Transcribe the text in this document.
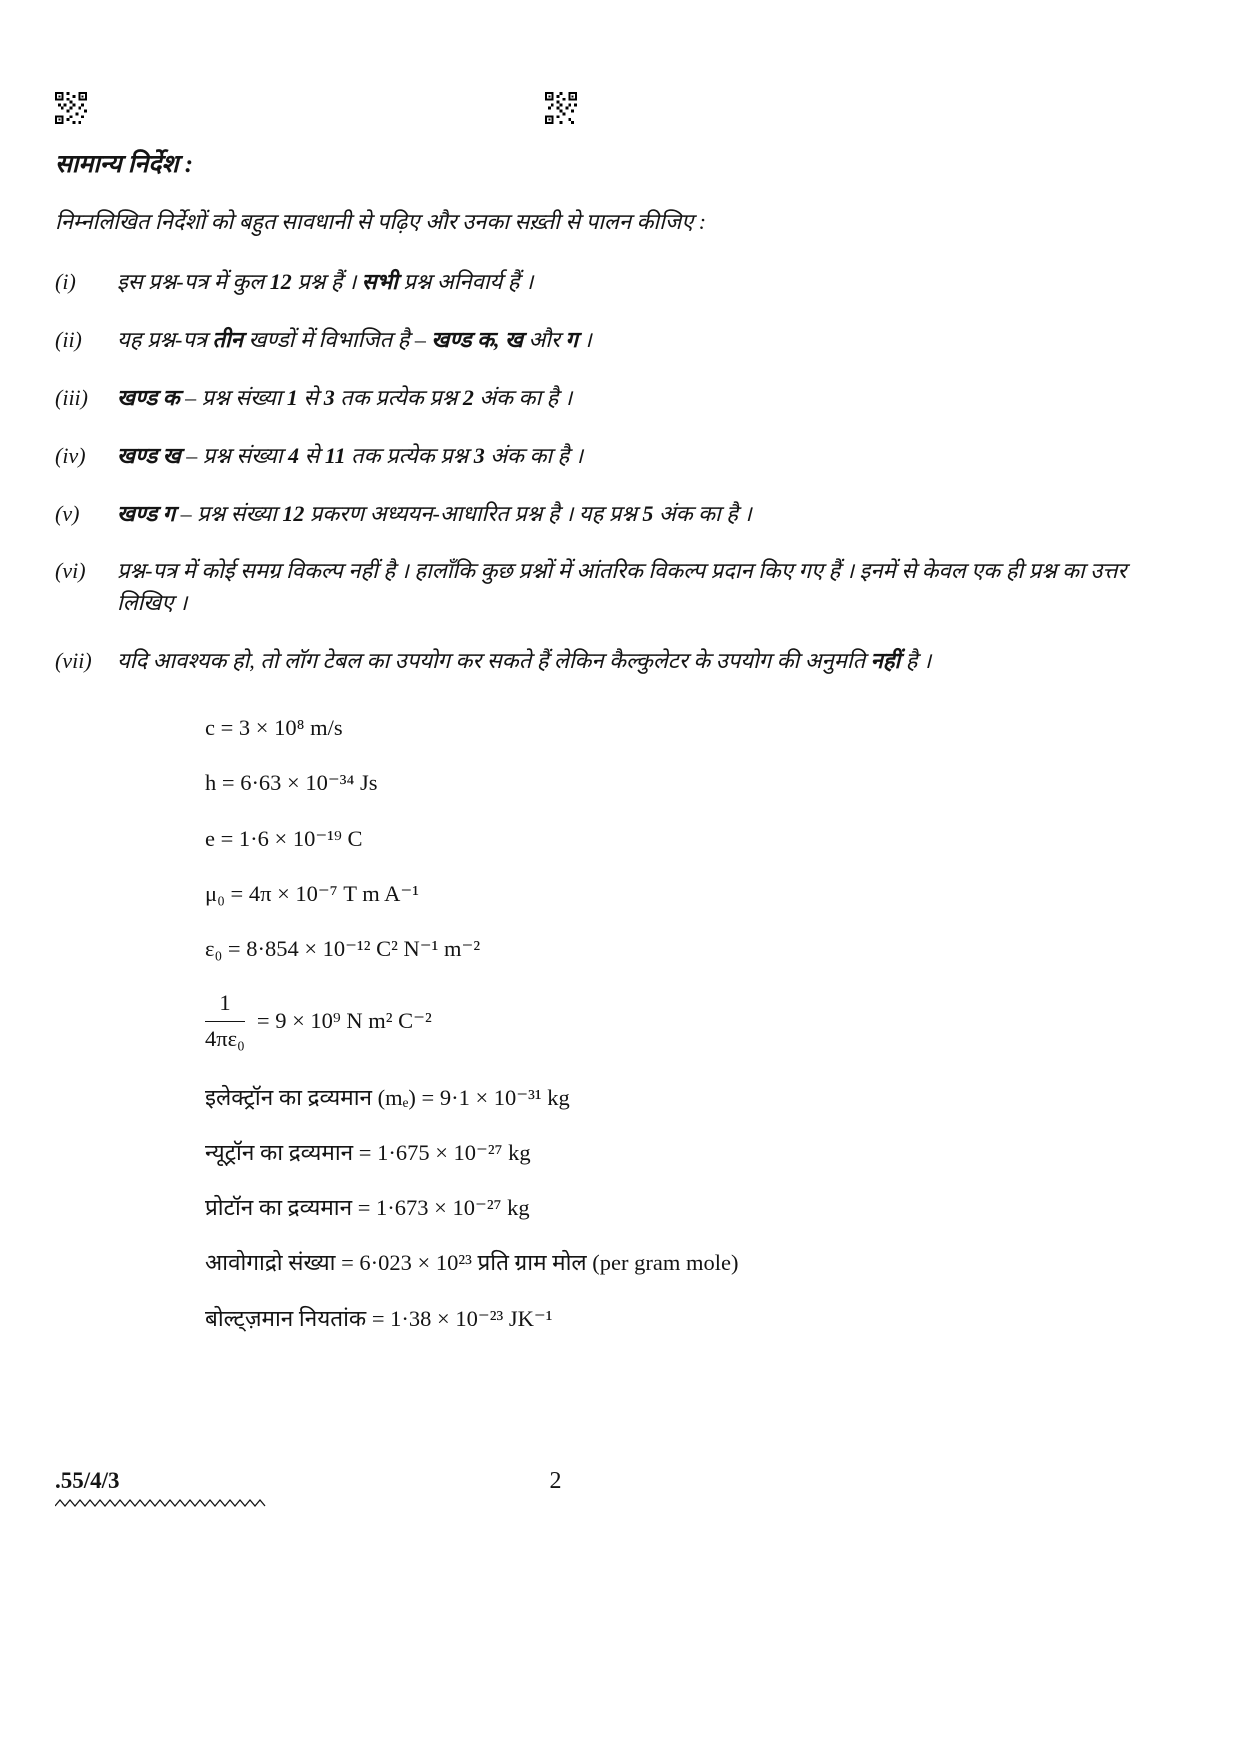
सामान्य निर्देश :
निम्नलिखित निर्देशों को बहुत सावधानी से पढ़िए और उनका सख़्ती से पालन कीजिए :
(i)	इस प्रश्न-पत्र में कुल 12 प्रश्न हैं । सभी प्रश्न अनिवार्य हैं ।
(ii)	यह प्रश्न-पत्र तीन खण्डों में विभाजित है – खण्ड क, ख और ग ।
(iii)	खण्ड क – प्रश्न संख्या 1 से 3 तक प्रत्येक प्रश्न 2 अंक का है ।
(iv)	खण्ड ख – प्रश्न संख्या 4 से 11 तक प्रत्येक प्रश्न 3 अंक का है ।
(v)	खण्ड ग – प्रश्न संख्या 12 प्रकरण अध्ययन-आधारित प्रश्न है । यह प्रश्न 5 अंक का है ।
(vi)	प्रश्न-पत्र में कोई समग्र विकल्प नहीं है । हालाँकि कुछ प्रश्नों में आंतरिक विकल्प प्रदान किए गए हैं । इनमें से केवल एक ही प्रश्न का उत्तर लिखिए ।
(vii)	यदि आवश्यक हो, तो लॉग टेबल का उपयोग कर सकते हैं लेकिन कैल्कुलेटर के उपयोग की अनुमति नहीं है ।
c = 3 × 10⁸ m/s
h = 6·63 × 10⁻³⁴ Js
e = 1·6 × 10⁻¹⁹ C
μ₀ = 4π × 10⁻⁷ T m A⁻¹
ε₀ = 8·854 × 10⁻¹² C² N⁻¹ m⁻²
$\frac{1}{\text{4πε₀}} = 9 \times 10^9$ N m² C⁻²
इलेक्ट्रॉन का द्रव्यमान (mₑ) = 9·1 × 10⁻³¹ kg
न्यूट्रॉन का द्रव्यमान = 1·675 × 10⁻²⁷ kg
प्रोटॉन का द्रव्यमान = 1·673 × 10⁻²⁷ kg
आवोगाद्रो संख्या = 6·023 × 10²³ प्रति ग्राम मोल (per gram mole)
बोल्ट्ज़मान नियतांक = 1·38 × 10⁻²³ JK⁻¹
.55/4/3	2
